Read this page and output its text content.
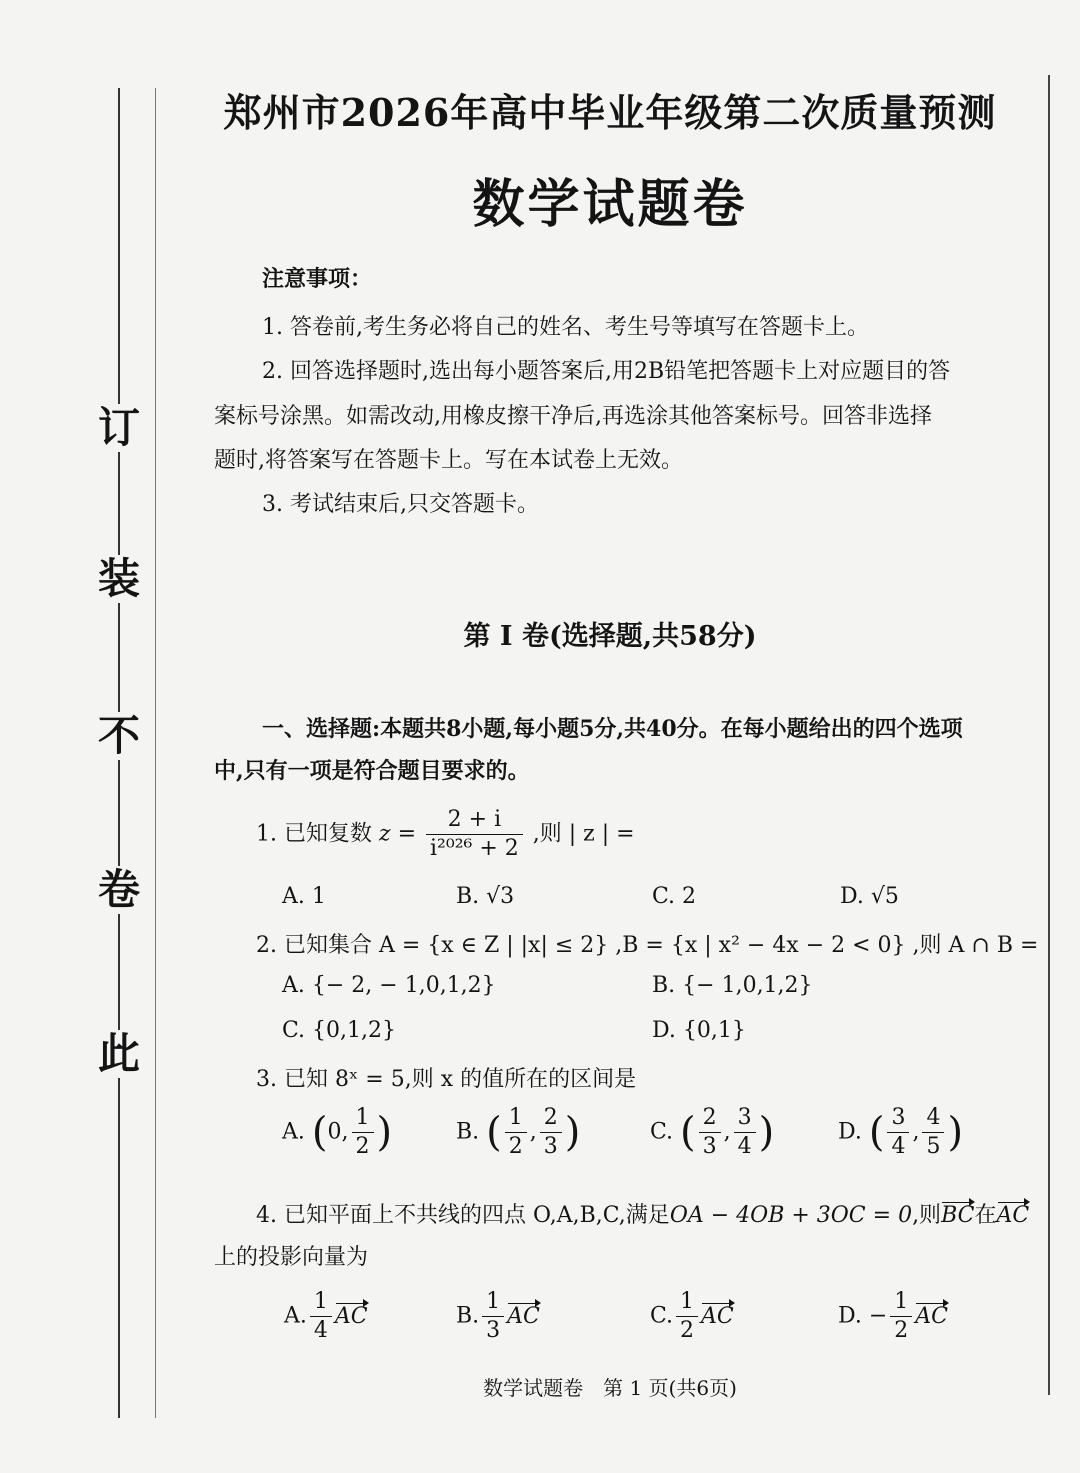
订
装
不
卷
此
郑州市2026年高中毕业年级第二次质量预测
数学试题卷
注意事项：
1. 答卷前,考生务必将自己的姓名、考生号等填写在答题卡上。
2. 回答选择题时,选出每小题答案后,用2B铅笔把答题卡上对应题目的答
案标号涂黑。如需改动,用橡皮擦干净后,再选涂其他答案标号。回答非选择
题时,将答案写在答题卡上。写在本试卷上无效。
3. 考试结束后,只交答题卡。
第 Ⅰ 卷(选择题,共58分)
一、选择题:本题共8小题,每小题5分,共40分。在每小题给出的四个选项
中,只有一项是符合题目要求的。
1. 已知复数 $z = \frac{2 + i}{\text{i²⁰²⁶ + 2}}$ ,则 | z | =
A. 1	B. √3	C. 2	D. √5
2. 已知集合 A = {x ∈ Z | |x| ≤ 2} ,B = {x | x² − 4x − 2 < 0} ,则 A ∩ B =
A. {− 2, − 1,0,1,2}	B. {− 1,0,1,2}
C. {0,1,2}	D. {0,1}
3. 已知 8ˣ = 5,则 x 的值所在的区间是
A. (0, $\frac{1}{2}$ )	B. ( $\frac{1}{2}$ , $\frac{2}{3}$ )	C. ( $\frac{2}{3}$ , $\frac{3}{4}$ )	D. ( $\frac{3}{4}$ , $\frac{4}{5}$ )
4. 已知平面上不共线的四点 O,A,B,C,满足OA − 4OB + 3OC = 0,则BC在AC
上的投影向量为
A. $\frac{1}{4}$ AC	B. $\frac{1}{3}$ AC	C. $\frac{1}{2}$ AC	D. − $\frac{1}{2}$ AC
数学试题卷　第 1 页(共6页)
